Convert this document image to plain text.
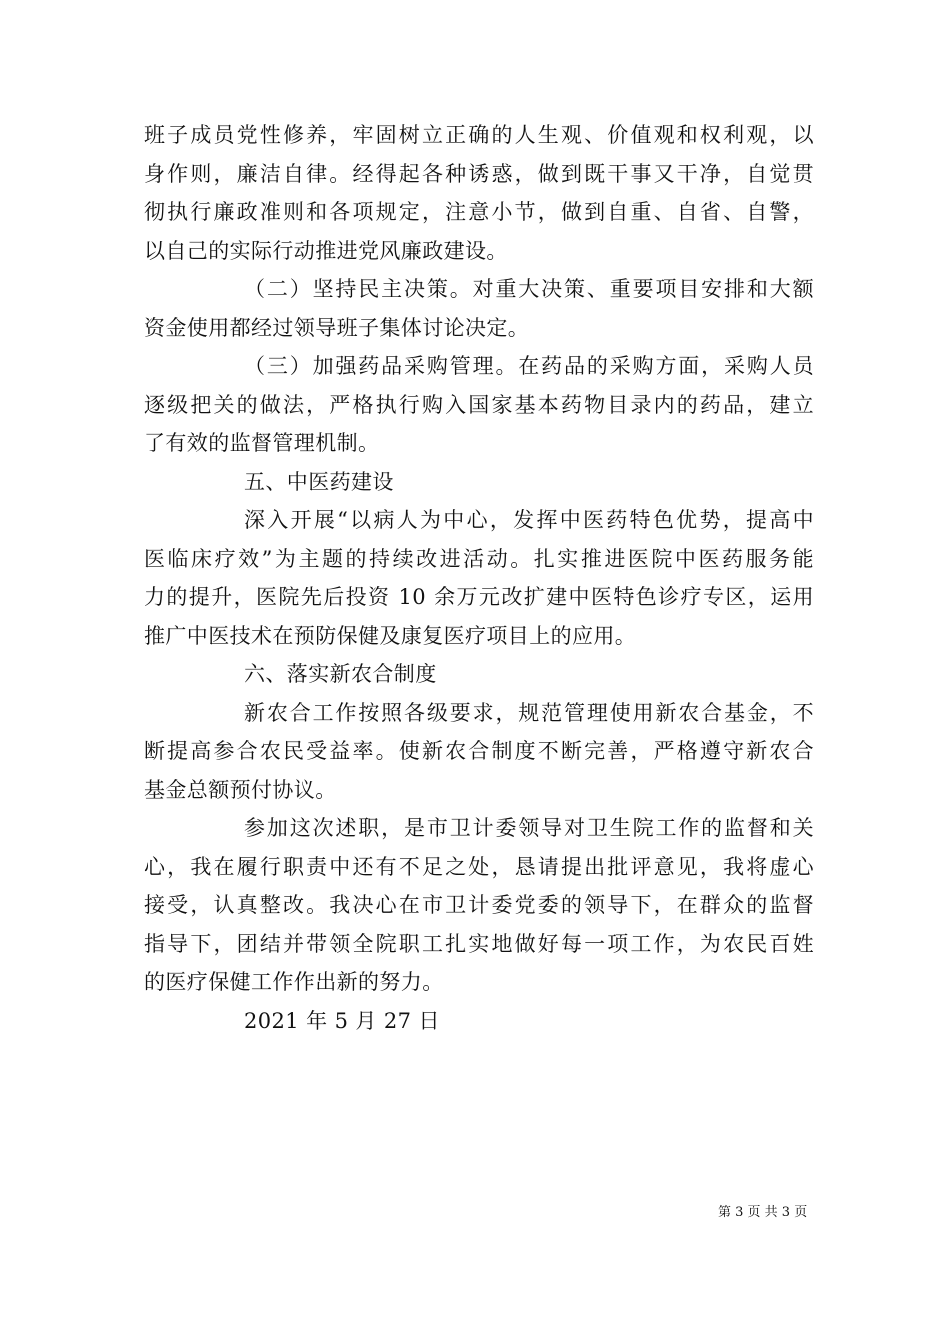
班子成员党性修养，牢固树立正确的人生观、价值观和权利观，以
身作则，廉洁自律。经得起各种诱惑，做到既干事又干净，自觉贯
彻执行廉政准则和各项规定，注意小节，做到自重、自省、自警，
以自己的实际行动推进党风廉政建设。
（二）坚持民主决策。对重大决策、重要项目安排和大额
资金使用都经过领导班子集体讨论决定。
（三）加强药品采购管理。在药品的采购方面，采购人员
逐级把关的做法，严格执行购入国家基本药物目录内的药品，建立
了有效的监督管理机制。
五、中医药建设
深入开展“以病人为中心，发挥中医药特色优势，提高中
医临床疗效”为主题的持续改进活动。扎实推进医院中医药服务能
力的提升，医院先后投资 10 余万元改扩建中医特色诊疗专区，运用
推广中医技术在预防保健及康复医疗项目上的应用。
六、落实新农合制度
新农合工作按照各级要求，规范管理使用新农合基金，不
断提高参合农民受益率。使新农合制度不断完善，严格遵守新农合
基金总额预付协议。
参加这次述职，是市卫计委领导对卫生院工作的监督和关
心，我在履行职责中还有不足之处，恳请提出批评意见，我将虚心
接受，认真整改。我决心在市卫计委党委的领导下，在群众的监督
指导下，团结并带领全院职工扎实地做好每一项工作，为农民百姓
的医疗保健工作作出新的努力。
2021 年 5 月 27 日
第 3 页 共 3 页
